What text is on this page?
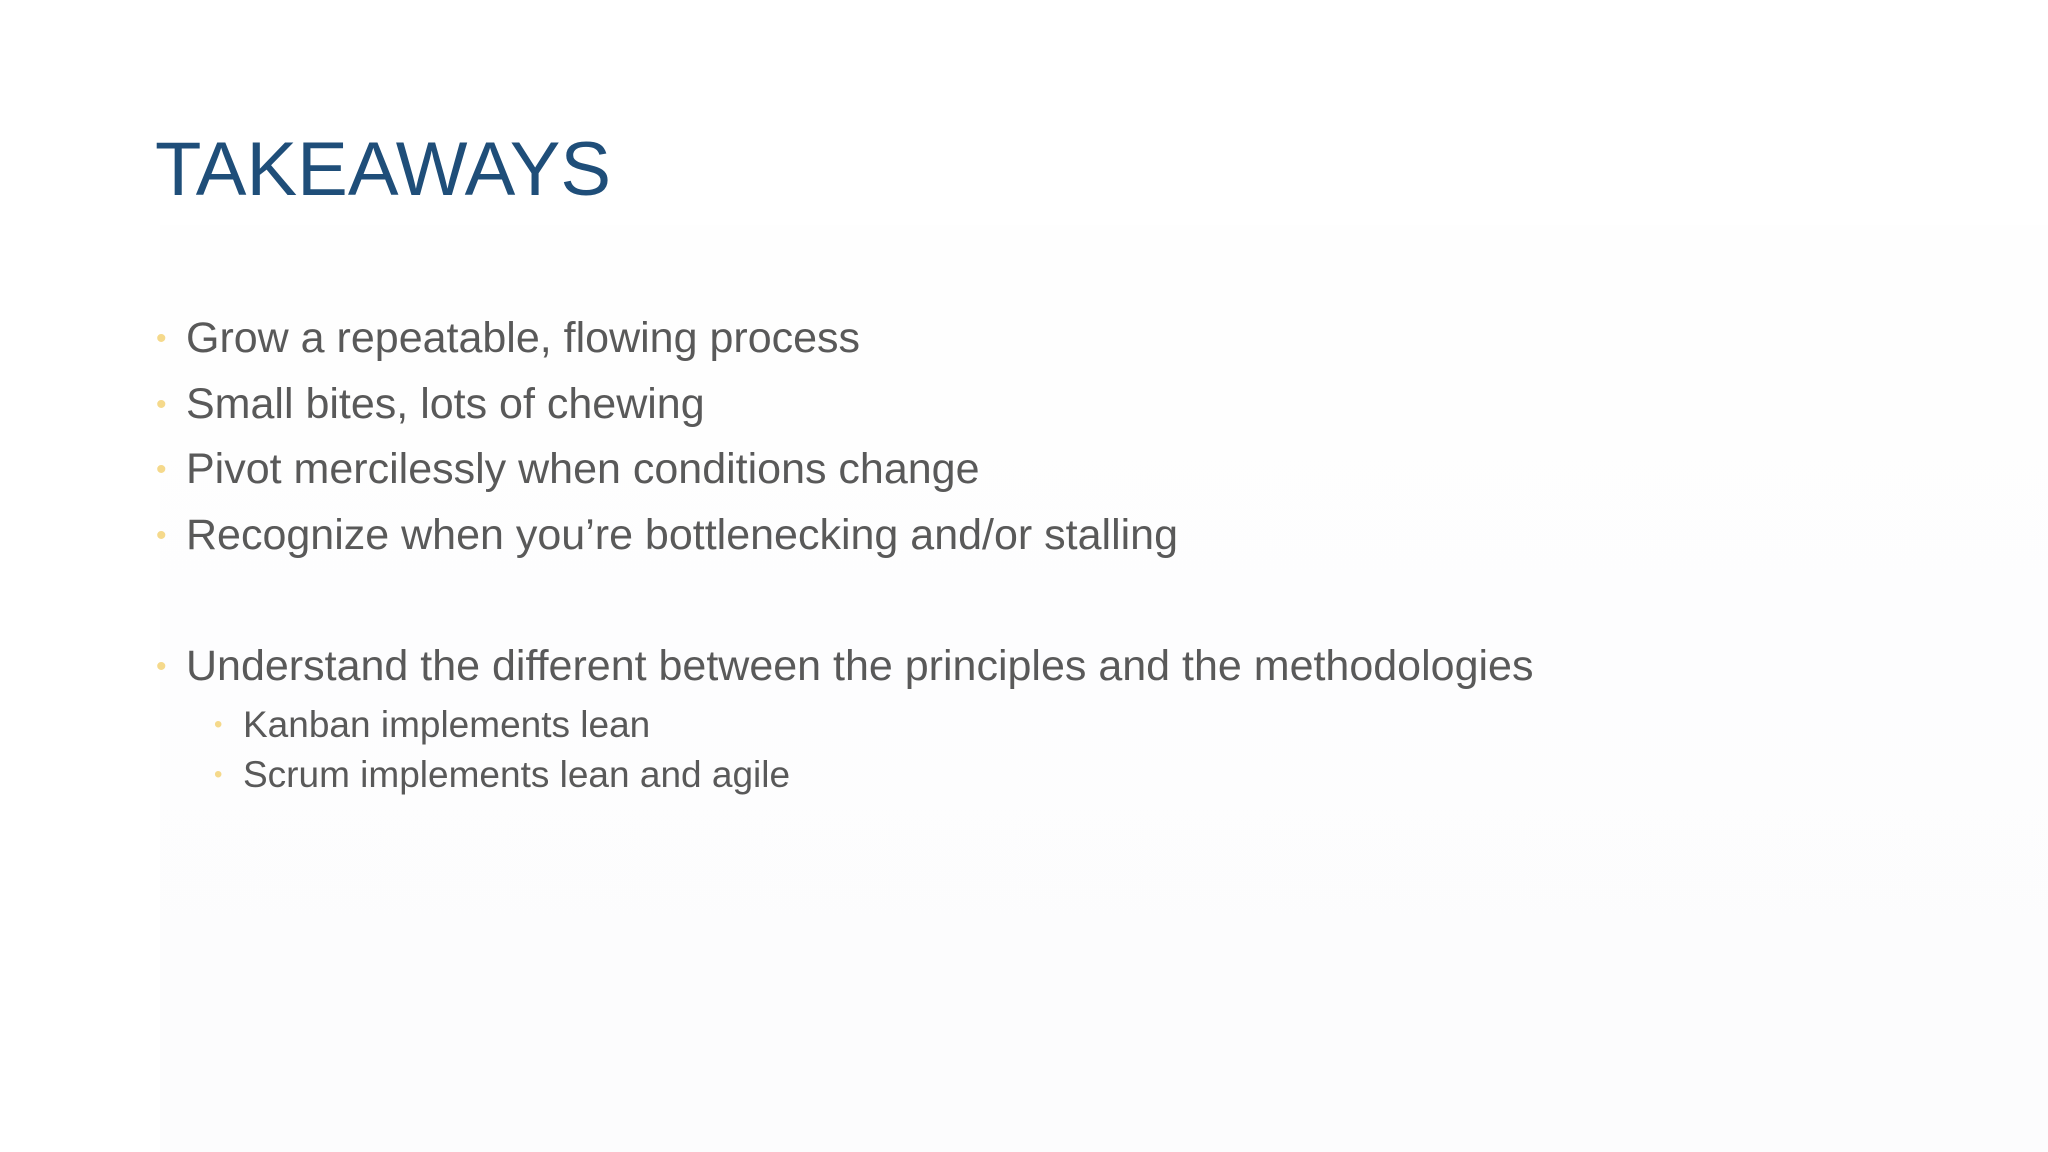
TAKEAWAYS
• Grow a repeatable, flowing process
• Small bites, lots of chewing
• Pivot mercilessly when conditions change
• Recognize when you’re bottlenecking and/or stalling
• Understand the different between the principles and the methodologies
• Kanban implements lean
• Scrum implements lean and agile
